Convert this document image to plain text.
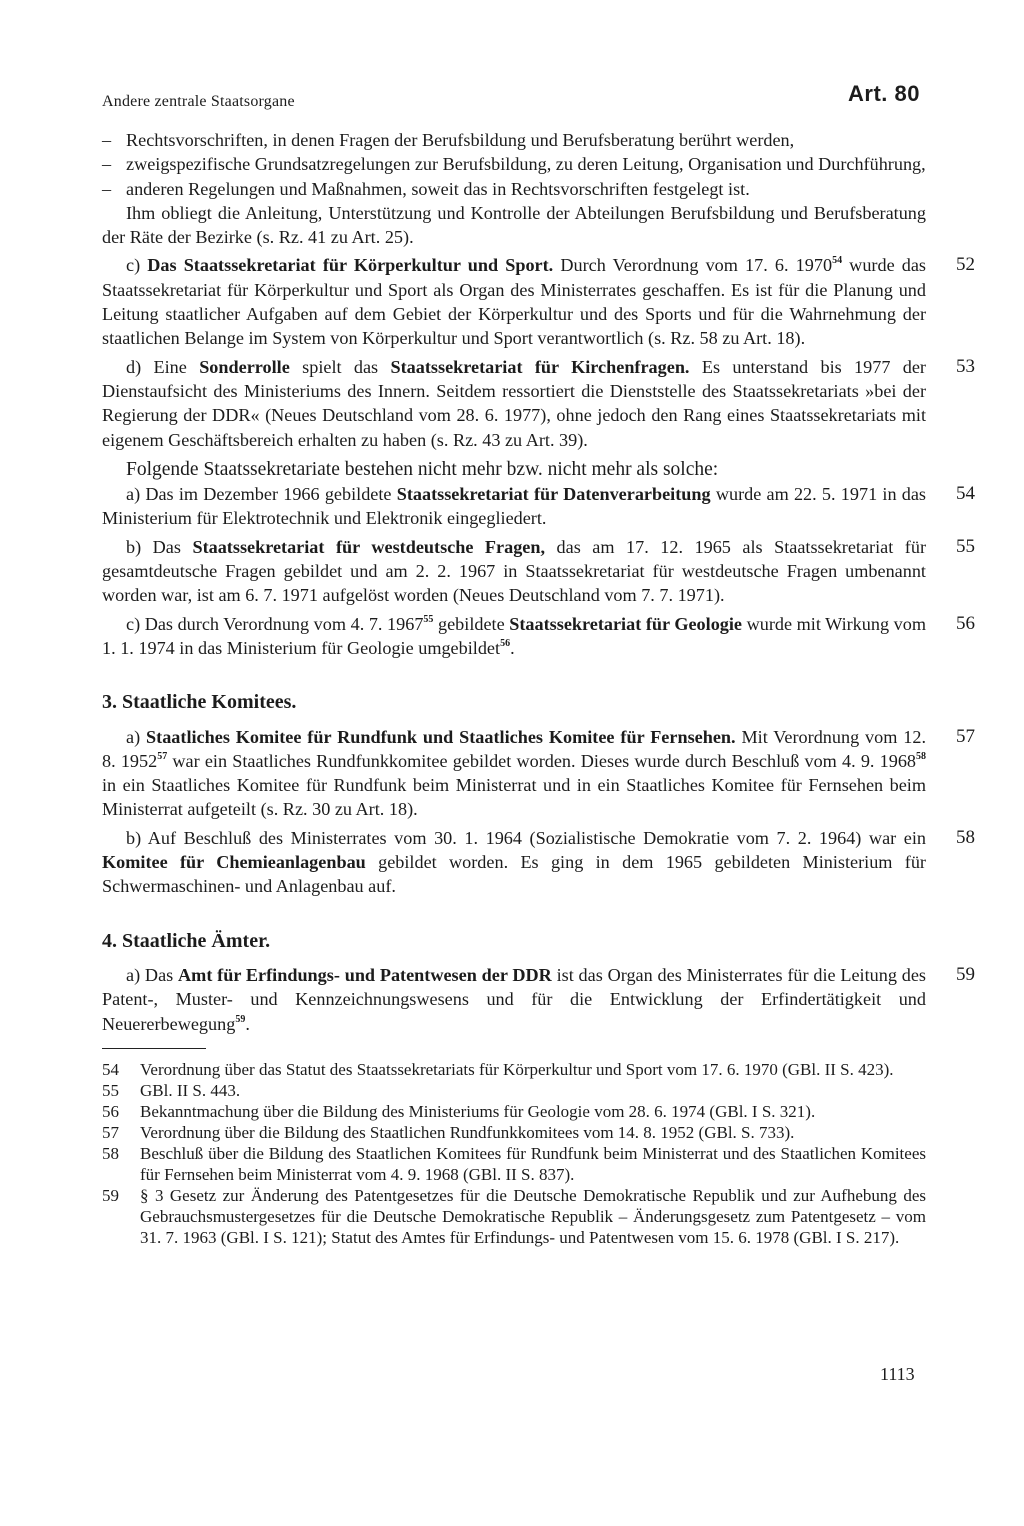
Andere zentrale Staatsorgane	Art. 80

– Rechtsvorschriften, in denen Fragen der Berufsbildung und Berufsberatung berührt werden,

– zweigspezifische Grundsatzregelungen zur Berufsbildung, zu deren Leitung, Organisation und Durchführung,

– anderen Regelungen und Maßnahmen, soweit das in Rechtsvorschriften festgelegt ist.

Ihm obliegt die Anleitung, Unterstützung und Kontrolle der Abteilungen Berufsbildung und Berufsberatung der Räte der Bezirke (s. Rz. 41 zu Art. 25).

52

c) Das Staatssekretariat für Körperkultur und Sport. Durch Verordnung vom 17. 6. 1970$^{54}$ wurde das Staatssekretariat für Körperkultur und Sport als Organ des Ministerrates geschaffen. Es ist für die Planung und Leitung staatlicher Aufgaben auf dem Gebiet der Körperkultur und des Sports und für die Wahrnehmung der staatlichen Belange im System von Körperkultur und Sport verantwortlich (s. Rz. 58 zu Art. 18).

53

d) Eine Sonderrolle spielt das Staatssekretariat für Kirchenfragen. Es unterstand bis 1977 der Dienstaufsicht des Ministeriums des Innern. Seitdem ressortiert die Dienststelle des Staatssekretariats »bei der Regierung der DDR« (Neues Deutschland vom 28. 6. 1977), ohne jedoch den Rang eines Staatssekretariats mit eigenem Geschäftsbereich erhalten zu haben (s. Rz. 43 zu Art. 39).

Folgende Staatssekretariate bestehen nicht mehr bzw. nicht mehr als solche:

54

a) Das im Dezember 1966 gebildete Staatssekretariat für Datenverarbeitung wurde am 22. 5. 1971 in das Ministerium für Elektrotechnik und Elektronik eingegliedert.

55

b) Das Staatssekretariat für westdeutsche Fragen, das am 17. 12. 1965 als Staatssekretariat für gesamtdeutsche Fragen gebildet und am 2. 2. 1967 in Staatssekretariat für westdeutsche Fragen umbenannt worden war, ist am 6. 7. 1971 aufgelöst worden (Neues Deutschland vom 7. 7. 1971).

56

c) Das durch Verordnung vom 4. 7. 1967$^{55}$ gebildete Staatssekretariat für Geologie wurde mit Wirkung vom 1. 1. 1974 in das Ministerium für Geologie umgebildet$^{56}$.

3. Staatliche Komitees.
57

a) Staatliches Komitee für Rundfunk und Staatliches Komitee für Fernsehen. Mit Verordnung vom 12. 8. 1952$^{57}$ war ein Staatliches Rundfunkkomitee gebildet worden. Dieses wurde durch Beschluß vom 4. 9. 1968$^{58}$ in ein Staatliches Komitee für Rundfunk beim Ministerrat und in ein Staatliches Komitee für Fernsehen beim Ministerrat aufgeteilt (s. Rz. 30 zu Art. 18).

58

b) Auf Beschluß des Ministerrates vom 30. 1. 1964 (Sozialistische Demokratie vom 7. 2. 1964) war ein Komitee für Chemieanlagenbau gebildet worden. Es ging in dem 1965 gebildeten Ministerium für Schwermaschinen- und Anlagenbau auf.

4. Staatliche Ämter.
59

a) Das Amt für Erfindungs- und Patentwesen der DDR ist das Organ des Ministerrates für die Leitung des Patent-, Muster- und Kennzeichnungswesens und für die Entwicklung der Erfindertätigkeit und Neuererbewegung$^{59}$.

54 Verordnung über das Statut des Staatssekretariats für Körperkultur und Sport vom 17. 6. 1970 (GBl. II S. 423).

55 GBl. II S. 443.

56 Bekanntmachung über die Bildung des Ministeriums für Geologie vom 28. 6. 1974 (GBl. I S. 321).

57 Verordnung über die Bildung des Staatlichen Rundfunkkomitees vom 14. 8. 1952 (GBl. S. 733).

58 Beschluß über die Bildung des Staatlichen Komitees für Rundfunk beim Ministerrat und des Staatlichen Komitees für Fernsehen beim Ministerrat vom 4. 9. 1968 (GBl. II S. 837).

59 § 3 Gesetz zur Änderung des Patentgesetzes für die Deutsche Demokratische Republik und zur Aufhebung des Gebrauchsmustergesetzes für die Deutsche Demokratische Republik – Änderungsgesetz zum Patentgesetz – vom 31. 7. 1963 (GBl. I S. 121); Statut des Amtes für Erfindungs- und Patentwesen vom 15. 6. 1978 (GBl. I S. 217).

1113
